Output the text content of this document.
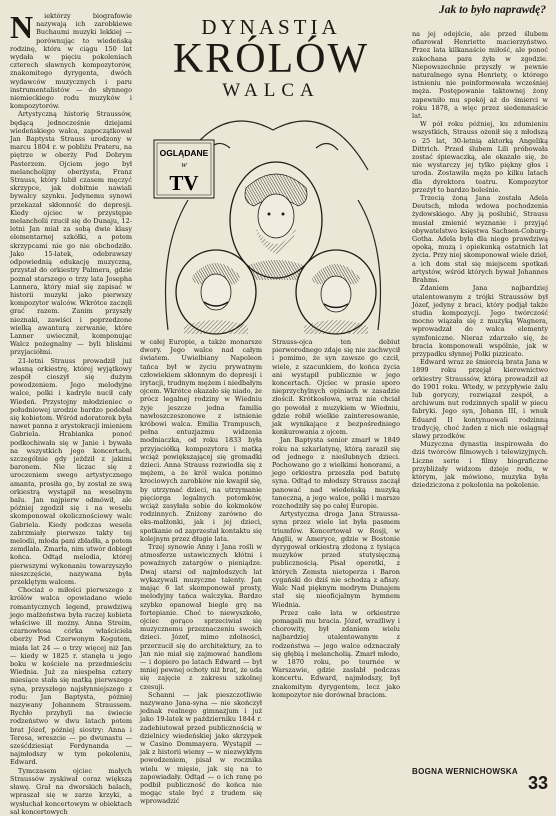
Jak to było naprawdę?
DYNASTIA
KRÓLÓW
WALCA
OGLĄDANE
w
TV
N	iektórzy biografowie nazywają ich zarobkiewe Buchaumi muzyki lekkiej — porównując to wiedeńską rodzinę, która w ciągu 150 lat wydała w pięciu pokoleniach czterech sławnych kompozytorów, znakomitego dyrygenta, dwóch wydawców muzycznych i paru instrumentalistów — do słynnego niemieckiego rodu muzyków i kompozytorów.

Artystyczną historię Straussów, będącą jednocześnie dziejami wiedeńskiego walca, zapoczątkował Jan Baptysta Strauss urodzony w marcu 1804 r. w pobliżu Prateru, na piętrze w oberży Pod Dobrym Pasterzem. Ojciem jego był melancholijny oberżysta, Franz Strauss, który lubił czasem męczyć skrzypce, jak dobitnie nawiali bywalcy szynku. Jedynemu synowi przekazał skłonność do depresji. Kiedy ojciec w przystępie melancholii rzucił się do Dunaju, 12-letni Jan miał za sobą dwie klasy elementarnej szkółki, a potem skrzypcami nie go nie obchodziło. Jako 15-latek, odebrawszy odpowiednią edukację muzyczną, przystał do orkiestry Palmera, gdzie poznał starszego o trzy lata Josepha Lannera, który miał się zapisać w historii muzyki jako pierwszy kompozytor walców. Wkrótce zaczęli grać razem. Zanim przyszły nieznaki, zawiści i poprzedzone wielką awanturą zerwanie, które Lanner uwiecznił, komponując Walcz pożegnalny — byli bliskimi przyjaciółmi.

21-letni Strauss prowadził już własną orkiestrę, której wyjątkowy zespół cieszył się dużym powodzeniem. Jego melodyjne walce, polki i kadryle nucił cały Wiedeń. Przystojny młodzieniec o południowej urodzie bardzo podobał się kobietom. Wśród adoratorek była nawet panna z arystokracji imieniem Gabriela. Hrabianka ponoć podkochiwała się w Janie i bywała na wszystkich jego koncertach, szczególnie gdy jeździł z jakimi baronem. Nie liczac się z uroczeniem swego artystycznego amanta, prosiła go, by został ze swą orkiestrą wystąpił na weselnym balu. Jan najpierw odmówił, ale później zgodził się i na weselu skomponował okolicznościowy walc Gabriela. Kiedy podczas wesela zabrzmiały pierwsze takty tej melodii, młoda pani zbladła, a potem zemdlała. Zmarła, nim utwór dobiegł końca. Odtąd melodia, której pierwszymi wykonaniu towarzyszyło nieszczęście, nazywana była przeklętym walcem.

Chociaż o miłości pierwszego z królów walca opowiadano wiele romantycznych legend, prawdziwą jego małżeństwa była raczej kobieta właściwe ill możny. Anna Streim, czarnowłosa córka właściciela oberży Pod Czerwonym Kogutem, miała lat 24 — o trzy więcej niż Jan — kiedy w 1825 r. stanęła u jego boku w kościele na przedmieściu Wiednia. Już za niespełna cztery miesiące stała się matką pierwszego syna, przyszłego najsłynniejszego z rodu: Jan Baptysta, później nazywany Johannem Straussem. Rychło przybyli na świecie rodzeństwo w dwu latach potem brat Józef, później siostry: Anna i Teresa, wreszcie — po dwunastu — sześćdziesiąt Ferdynanda — najmłodszy w tym pokoleniu, Edward.

Tymczasem ojciec małych Straussów zyskiwał coraz większą sławę. Grał na dworskich balach, wpraszał się w zarze krzyki, a wysłuchał koncertowym w obiektach sal koncertowych

w całej Europie, a także monarsze dwory. Jego walce nad całym światem. Uwielbiany Napoleon tańca był w życiu prywatnym człowiekiem skłonnym do depresji i irytacji, trudnym mężem i niedbałym ojcem. Wkrótce okazało się niado, że prócz legalnej rodziny w Wiedniu żyje jeszcze jedna familia nawłoszczeszonowe z istnienie króbowi walca. Emilia Trampusch, pełna entuzjazmu widzenia modniaczka, od roku 1833 była przyjaciółką kompozytora i matką wciąż powiększającej się gromadki dzieci. Anna Strauss rozwiodła się z mężem, a że król walca ponimo krociowych zarobków nie kwapił się, by utrzymać dzieci, na utrzymanie pięciorga legalnych potomków, wciąż zasyłała sobie do kokmoków rodzinnych. Zniżony zarówno do eks-małżonki, jak i jej dzieci, spotkanie od zaprzestał kontaktu się kolejnym przez długie lata.

Trzej synowie Anny i Jana rośli w atmosferze ustawicznych kłótni i poważnych zatargów o pieniądze. Dwaj starsi od najmłodszych lat wykazywali muzyczne talenty. Jan mając 6 lat skomponował prosty, melodyjny tańca walczyka. Bardzo szybko opanował biegle grę na fortepianie. Choć to niewyszkoło, ojciec gorąco sprzeciwiał się muzycznemu przeznaczeniu swoich dzieci. Józef, mimo zdolności, przerzucił się do architektury, za to Jan nie miał się zajmować handlem — i dopiero po latach Edward — był mniej pewnej ochoty niż brat, że uda się zajęcie z zakresu szkolnej czesuji.

Schanni — jak pieszczotliwie nazywano Jana-syna — nie skończył jednak realnego gimnazjum i już jako 19-latek w październiku 1844 r. zadebiutował przed publicznością w dzielnicy wiedeńskiej jako skrzypek w Casino Dommayera. Wystąpił — jak z historii wiemy — w niezwykłym powodzeniem, pisał w rocznika wielu w mięsie, jak się na to zapowiadały. Odtąd — o ich ranę po podbił publiczność do końca nie mogąc stale być z trudem się wprowadzić

Strauss-ojca ten debiut pierworodnego zdaje się nie zachwycił i pomimo, że syn zawsze go czcił, wiele, z szacunkiem, do końca życia ani wystąpił publicznie w jego koncertach. Ojciec w prasie sporo nieprzychylnych opiniach w zasadzie złościł. Krótkosłowa, wraz nie chciał go powołał z muzykiem w Wiedniu, gdzie robił wielkie zainteresowanie, jak wynikające z bezpośredniego konkurowania z ojcem.

Jan Baptysta senior zmarł w 1849 roku na szkarlatynę, którą zaraził się od jednego z nieślubnych dzieci. Pochowano go z wielkimi honorami, a jego orkiestra przeszła pod batutę syna. Odtąd to młodszy Strauss zaczął panować nad wiedeńską muzyką taneczną, a jego walce, polki i marsze rozchodziły się po całej Europie.

Artystyczna droga Jana Straussa-syna przez wiele lat była pasmem triumfów. Koncertował w Rosji, w Anglii, w Ameryce, gdzie w Bostonie dyrygował orkiestrą złożoną z tysiąca muzyków przed stutysięczną publicznością. Pisał operetki, z których Zemsta nietoperza i Baron cygański do dziś nie schodzą z afiszy. Walc Nad pięknym modrym Dunajem stał się nieoficjalnym hymnem Wiednia.

Przez całe lata w orkiestrze pomagali mu bracia. Józef, wrażliwy i chorowity, był zdaniem wielu najbardziej utalentowanym z rodzeństwa — jego walce odznaczały się głębią i melancholią. Zmarł młodo, w 1870 roku, po tournée w Warszawie, gdzie zasłabł podczas koncertu. Edward, najmłodszy, był znakomitym dyrygentem, lecz jako kompozytor nie dorównał braciom.

na jej odejście, ale przed ślubem ofiarował Henriette macierzyństwo. Przez lata kilkanaście miłość, ale ponoć zakochana para żyła w zgodzie. Niepowszechnie przyszły w pewnie naturalnego syna Henriety, o którego istnieniu nie poinformowała wcześniej męża. Postępowanie taktownej żony zapewniło mu spokój aż do śmierci w roku 1878, a więc przez siedemnaście lat.

W pół roku później, ku zdumieniu wszystkich, Strauss ożenił się z młodszą o 25 lat, 30-letnią aktorką Angeliką Dittrich. Przed ślubem Lili próbowała zostać śpiewaczką, ale okazało się, że nie wystarczy jej tylko piękny głos i uroda. Zostawiła męża po kilku latach dla dyrektora teatru. Kompozytor przeżył to bardzo boleśnie.

Trzecią żoną Jana została Adela Deutsch, młoda wdowa pochodzenia żydowskiego. Aby ją poślubić, Strauss musiał zmienić wyznanie i przyjąć obywatelstwo księstwa Sachsen-Coburg-Gotha. Adela była dla niego prawdziwą opoką, muzą i opiekunką ostatnich lat życia. Przy niej skomponował wiele dzieł, a ich dom stał się miejscem spotkań artystów, wśród których bywał Johannes Brahms.

Zdaniem Jana najbardziej utalentowanym z trójki Straussów był Józef, jedyny z braci, który podjął także studia kompozycji. Jego twórczość mocno wiązała się z muzyką Wagnera, wprowadzał do walca elementy symfoniczne. Nieraz zdarzało się, że bracia komponowali wspólnie, jak w przypadku słynnej Polki pizzicato.

Edward wraz ze śmiercią brata Jana w 1899 roku przejął kierownictwo orkiestry Straussów, którą prowadził aż do 1901 roku. Wtedy, w przypływie żalu lub goryczy, rozwiązał zespół, a archiwum nut rodzinnych spalił w piecu fabryki. Jego syn, Johann III, i wnuk Eduard II kontynuowali rodzinną tradycję, choć żaden z nich nie osiągnął sławy przodków.

Muzyczna dynastia inspirowała do dziś twórców filmowych i telewizyjnych. Liczne serie i filmy biograficzne przybliżały widzom dzieje rodu, w którym, jak mówiono, muzyka była dziedziczona z pokolenia na pokolenie.

BOGNA WERNICHOWSKA
33
